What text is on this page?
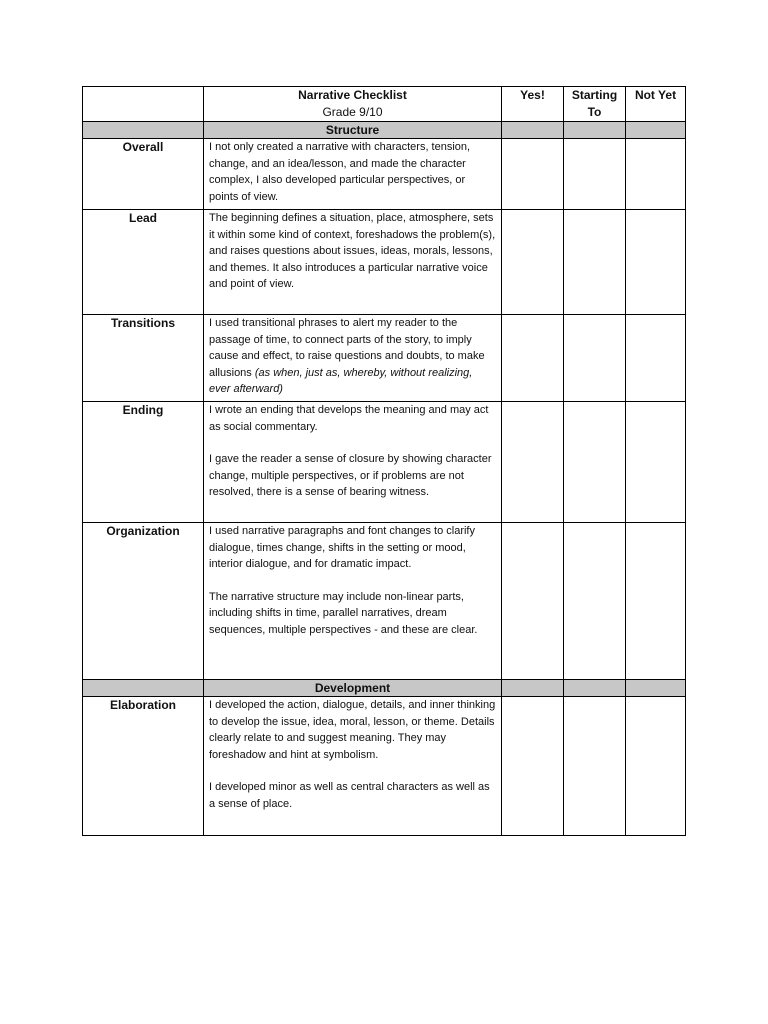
	Narrative Checklist
Grade 9/10	Yes!	Starting To	Not Yet
	Structure			
Overall	I not only created a narrative with characters, tension, change, and an idea/lesson, and made the character complex, I also developed particular perspectives, or points of view.			

Lead	The beginning defines a situation, place, atmosphere, sets it within some kind of context, foreshadows the problem(s), and raises questions about issues, ideas, morals, lessons, and themes. It also introduces a particular narrative voice and point of view.			

Transitions	I used transitional phrases to alert my reader to the passage of time, to connect parts of the story, to imply cause and effect, to raise questions and doubts, to make allusions (as when, just as, whereby, without realizing, ever afterward)			

Ending	I wrote an ending that develops the meaning and may act as social commentary.

I gave the reader a sense of closure by showing character change, multiple perspectives, or if problems are not resolved, there is a sense of bearing witness.			

Organization	I used narrative paragraphs and font changes to clarify dialogue, times change, shifts in the setting or mood, interior dialogue, and for dramatic impact.

The narrative structure may include non-linear parts, including shifts in time, parallel narratives, dream sequences, multiple perspectives - and these are clear.			

	Development			
Elaboration	I developed the action, dialogue, details, and inner thinking to develop the issue, idea, moral, lesson, or theme. Details clearly relate to and suggest meaning. They may foreshadow and hint at symbolism.

I developed minor as well as central characters as well as a sense of place.			
